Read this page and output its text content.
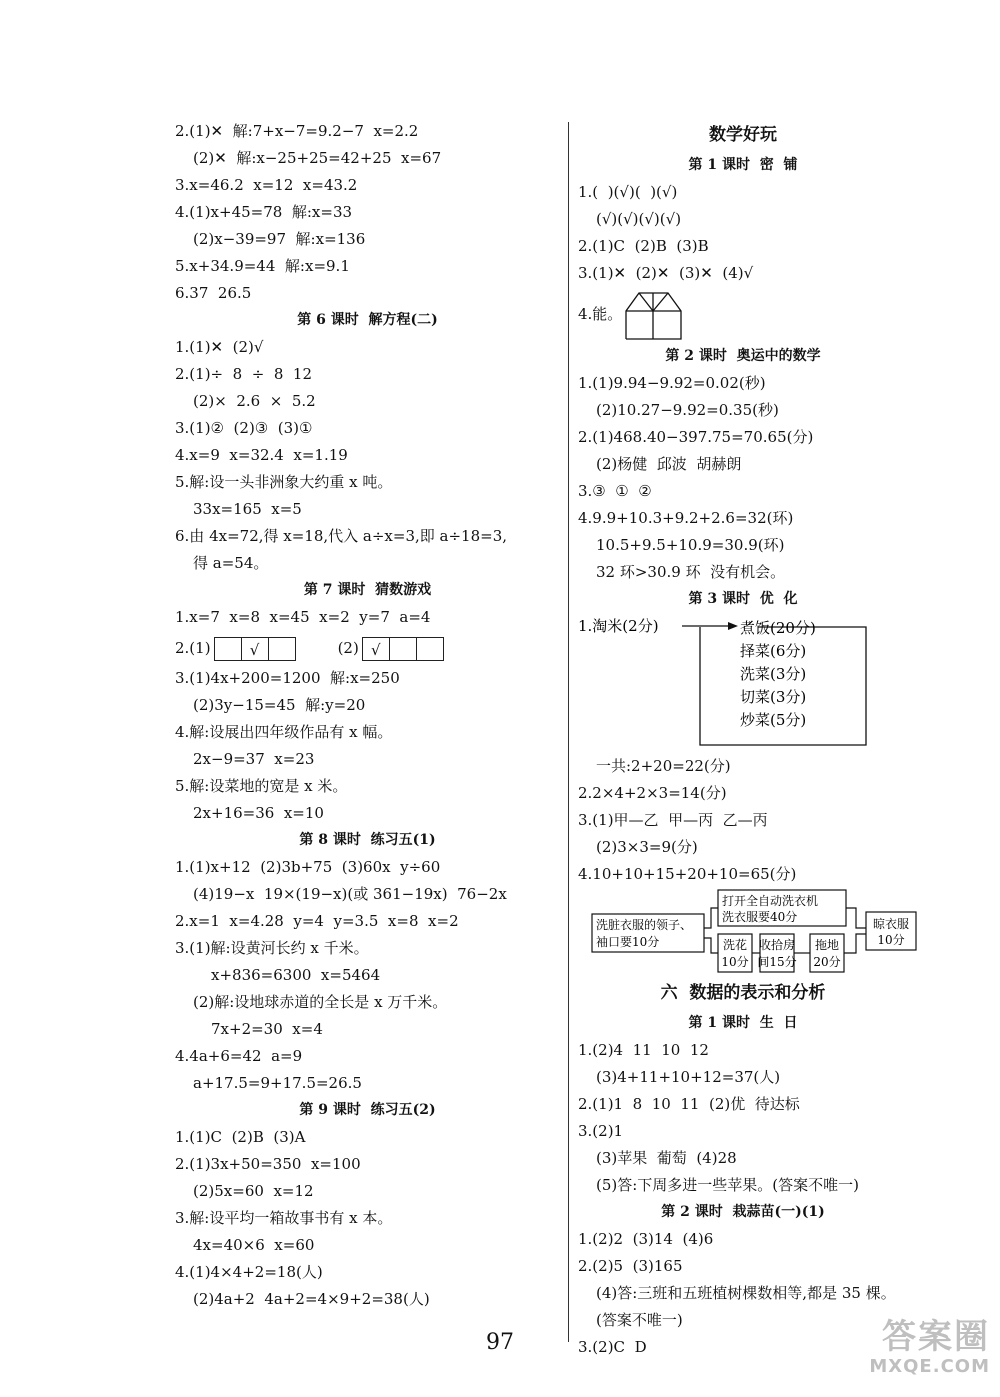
2.(1)✕  解:7+x−7=9.2−7  x=2.2
(2)✕  解:x−25+25=42+25  x=67
3.x=46.2  x=12  x=43.2
4.(1)x+45=78  解:x=33
(2)x−39=97  解:x=136
5.x+34.9=44  解:x=9.1
6.37  26.5
第 6 课时  解方程(二)
1.(1)✕  (2)√
2.(1)÷  8  ÷  8  12
(2)×  2.6  ×  5.2
3.(1)②  (2)③  (3)①
4.x=9  x=32.4  x=1.19
5.解:设一头非洲象大约重 x 吨。
33x=165  x=5
6.由 4x=72,得 x=18,代入 a÷x=3,即 a÷18=3,
得 a=54。
第 7 课时  猜数游戏
1.x=7  x=8  x=45  x=2  y=7  a=4
2.(1)	√	(2) √
3.(1)4x+200=1200  解:x=250
(2)3y−15=45  解:y=20
4.解:设展出四年级作品有 x 幅。
2x−9=37  x=23
5.解:设菜地的宽是 x 米。
2x+16=36  x=10
第 8 课时  练习五(1)
1.(1)x+12  (2)3b+75  (3)60x  y÷60
(4)19−x  19×(19−x)(或 361−19x)  76−2x
2.x=1  x=4.28  y=4  y=3.5  x=8  x=2
3.(1)解:设黄河长约 x 千米。
x+836=6300  x=5464
(2)解:设地球赤道的全长是 x 万千米。
7x+2=30  x=4
4.4a+6=42  a=9
a+17.5=9+17.5=26.5
第 9 课时  练习五(2)
1.(1)C  (2)B  (3)A
2.(1)3x+50=350  x=100
(2)5x=60  x=12
3.解:设平均一箱故事书有 x 本。
4x=40×6  x=60
4.(1)4×4+2=18(人)
(2)4a+2  4a+2=4×9+2=38(人)
数学好玩
第 1 课时  密  铺
1.(  )(√)(  )(√)
(√)(√)(√)(√)
2.(1)C  (2)B  (3)B
3.(1)✕  (2)✕  (3)✕  (4)√
4.能。
第 2 课时  奥运中的数学
1.(1)9.94−9.92=0.02(秒)
(2)10.27−9.92=0.35(秒)
2.(1)468.40−397.75=70.65(分)
(2)杨健  邱波  胡赫朗
3.③  ①  ②
4.9.9+10.3+9.2+2.6=32(环)
10.5+9.5+10.9=30.9(环)
32 环>30.9 环  没有机会。
第 3 课时  优  化
1.淘米(2分)	煮饭(20分)
择菜(6分)
洗菜(3分)
切菜(3分)
炒菜(5分)
一共:2+20=22(分)
2.2×4+2×3=14(分)
3.(1)甲—乙  甲—丙  乙—丙
(2)3×3=9(分)
4.10+10+15+20+10=65(分)
洗脏衣服的领子、
袖口要10分
打开全自动洗衣机
洗衣服要40分
洗花
10分
收拾房
间15分
拖地
20分
晾衣服
10分
六  数据的表示和分析
第 1 课时  生  日
1.(2)4  11  10  12
(3)4+11+10+12=37(人)
2.(1)1  8  10  11  (2)优  待达标
3.(2)1
(3)苹果  葡萄  (4)28
(5)答:下周多进一些苹果。(答案不唯一)
第 2 课时  栽蒜苗(一)(1)
1.(2)2  (3)14  (4)6
2.(2)5  (3)165
(4)答:三班和五班植树棵数相等,都是 35 棵。
(答案不唯一)
3.(2)C  D
97	答案圈
MXQE.COM
